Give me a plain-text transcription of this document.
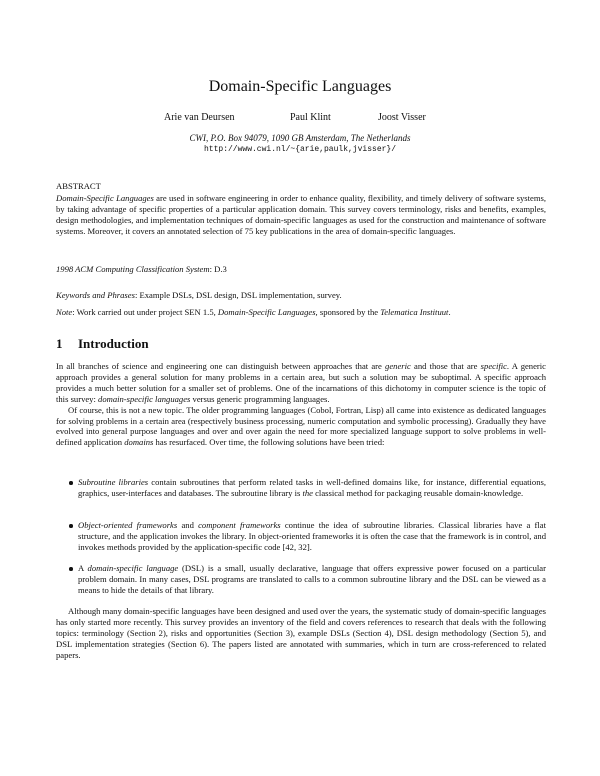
Domain-Specific Languages
Arie van Deursen	Paul Klint	Joost Visser
CWI, P.O. Box 94079, 1090 GB Amsterdam, The Netherlands
http://www.cwi.nl/~{arie,paulk,jvisser}/
ABSTRACT

Domain-Specific Languages are used in software engineering in order to enhance quality, flexibility, and timely delivery of software systems, by taking advantage of specific properties of a particular application domain. This survey covers terminology, risks and benefits, examples, design methodologies, and implementation techniques of domain-specific languages as used for the construction and maintenance of software systems. Moreover, it covers an annotated selection of 75 key publications in the area of domain-specific languages.

1998 ACM Computing Classification System: D.3
Keywords and Phrases: Example DSLs, DSL design, DSL implementation, survey.
Note: Work carried out under project SEN 1.5, Domain-Specific Languages, sponsored by the Telematica Instituut.
1 Introduction

In all branches of science and engineering one can distinguish between approaches that are generic and those that are specific. A generic approach provides a general solution for many problems in a certain area, but such a solution may be suboptimal. A specific approach provides a much better solution for a smaller set of problems. One of the incarnations of this dichotomy in computer science is the topic of this survey: domain-specific languages versus generic programming languages.

Of course, this is not a new topic. The older programming languages (Cobol, Fortran, Lisp) all came into existence as dedicated languages for solving problems in a certain area (respectively business processing, numeric computation and symbolic processing). Gradually they have evolved into general purpose languages and over and over again the need for more specialized language support to solve problems in well-defined application domains has resurfaced. Over time, the following solutions have been tried:

Subroutine libraries contain subroutines that perform related tasks in well-defined domains like, for instance, differential equations, graphics, user-interfaces and databases. The subroutine library is the classical method for packaging reusable domain-knowledge.
Object-oriented frameworks and component frameworks continue the idea of subroutine libraries. Classical libraries have a flat structure, and the application invokes the library. In object-oriented frameworks it is often the case that the framework is in control, and invokes methods provided by the application-specific code [42, 32].
A domain-specific language (DSL) is a small, usually declarative, language that offers expressive power focused on a particular problem domain. In many cases, DSL programs are translated to calls to a common subroutine library and the DSL can be viewed as a means to hide the details of that library.

Although many domain-specific languages have been designed and used over the years, the systematic study of domain-specific languages has only started more recently. This survey provides an inventory of the field and covers references to research that deals with the following topics: terminology (Section 2), risks and opportunities (Section 3), example DSLs (Section 4), DSL design methodology (Section 5), and DSL implementation strategies (Section 6). The papers listed are annotated with summaries, which in turn are cross-referenced to related papers.
